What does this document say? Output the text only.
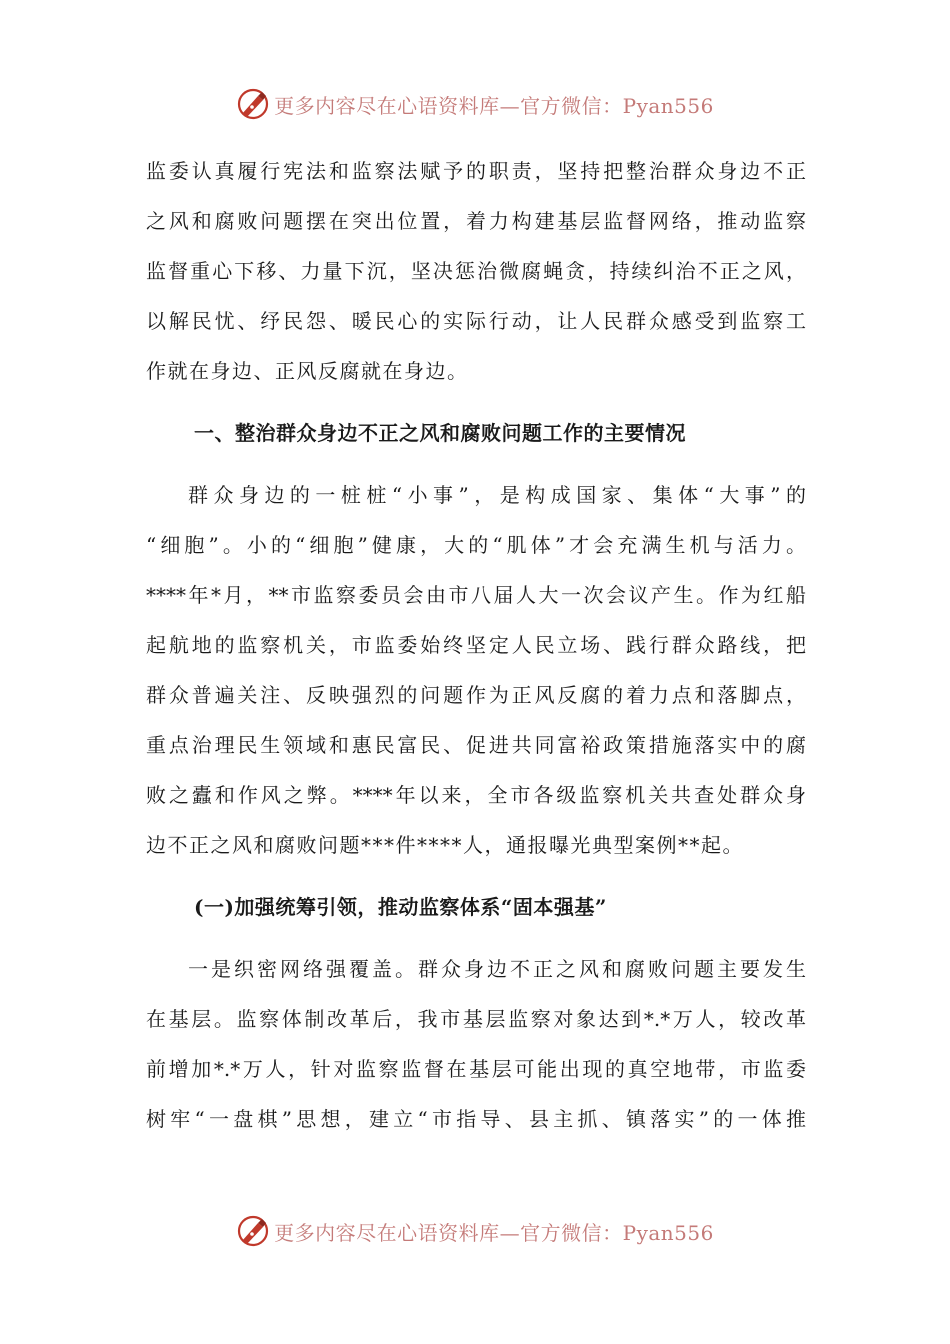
更多内容尽在心语资料库—官方微信：Pyan556
监委认真履行宪法和监察法赋予的职责，坚持把整治群众身边不正
之风和腐败问题摆在突出位置，着力构建基层监督网络，推动监察
监督重心下移、力量下沉，坚决惩治微腐蝇贪，持续纠治不正之风，
以解民忧、纾民怨、暖民心的实际行动，让人民群众感受到监察工
作就在身边、正风反腐就在身边。
一、整治群众身边不正之风和腐败问题工作的主要情况
群众身边的一桩桩“小事”，是构成国家、集体“大事”的
“细胞”。小的“细胞”健康，大的“肌体”才会充满生机与活力。
****年*月，**市监察委员会由市八届人大一次会议产生。作为红船
起航地的监察机关，市监委始终坚定人民立场、践行群众路线，把
群众普遍关注、反映强烈的问题作为正风反腐的着力点和落脚点，
重点治理民生领域和惠民富民、促进共同富裕政策措施落实中的腐
败之蠹和作风之弊。****年以来，全市各级监察机关共查处群众身
边不正之风和腐败问题***件****人，通报曝光典型案例**起。
(一)加强统筹引领，推动监察体系“固本强基”
一是织密网络强覆盖。群众身边不正之风和腐败问题主要发生
在基层。监察体制改革后，我市基层监察对象达到*.*万人，较改革
前增加*.*万人，针对监察监督在基层可能出现的真空地带，市监委
树牢“一盘棋”思想，建立“市指导、县主抓、镇落实”的一体推
更多内容尽在心语资料库—官方微信：Pyan556
